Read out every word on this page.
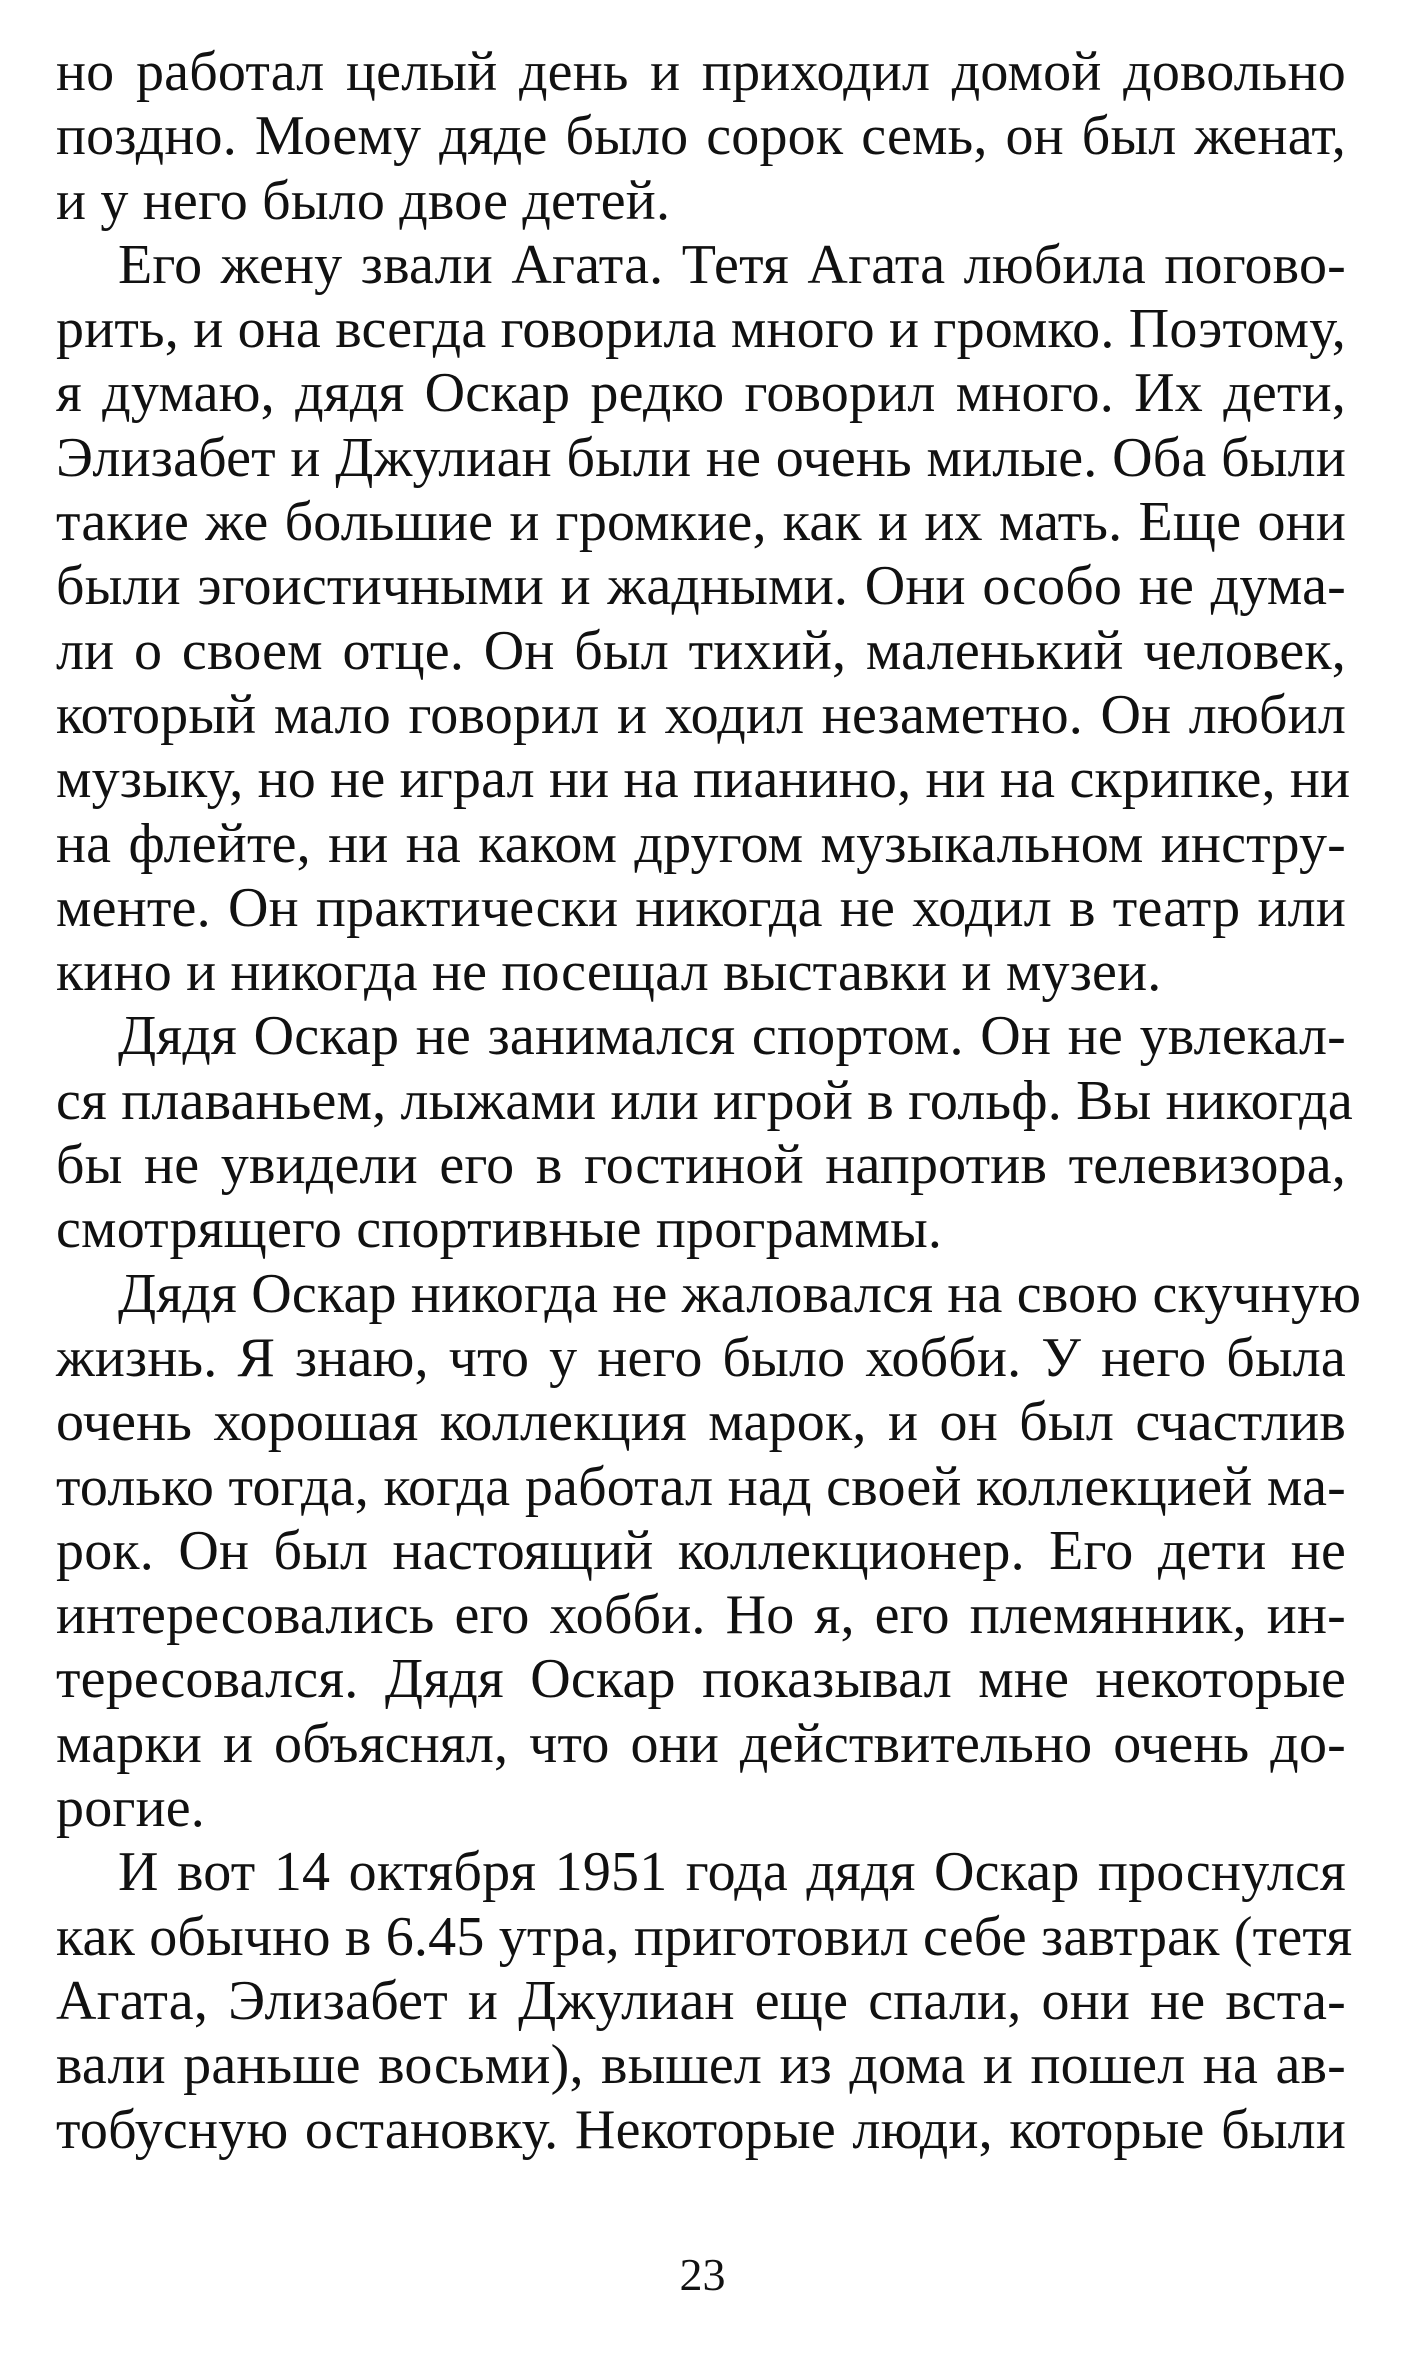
но работал целый день и приходил домой довольно
поздно. Моему дяде было сорок семь, он был женат,
и у него было двое детей.
Его жену звали Агата. Тетя Агата любила погово-
рить, и она всегда говорила много и громко. Поэтому,
я думаю, дядя Оскар редко говорил много. Их дети,
Элизабет и Джулиан были не очень милые. Оба были
такие же большие и громкие, как и их мать. Еще они
были эгоистичными и жадными. Они особо не дума-
ли о своем отце. Он был тихий, маленький человек,
который мало говорил и ходил незаметно. Он любил
музыку, но не играл ни на пианино, ни на скрипке, ни
на флейте, ни на каком другом музыкальном инстру-
менте. Он практически никогда не ходил в театр или
кино и никогда не посещал выставки и музеи.
Дядя Оскар не занимался спортом. Он не увлекал-
ся плаваньем, лыжами или игрой в гольф. Вы никогда
бы не увидели его в гостиной напротив телевизора,
смотрящего спортивные программы.
Дядя Оскар никогда не жаловался на свою скучную
жизнь. Я знаю, что у него было хобби. У него была
очень хорошая коллекция марок, и он был счастлив
только тогда, когда работал над своей коллекцией ма-
рок. Он был настоящий коллекционер. Его дети не
интересовались его хобби. Но я, его племянник, ин-
тересовался. Дядя Оскар показывал мне некоторые
марки и объяснял, что они действительно очень до-
рогие.
И вот 14 октября 1951 года дядя Оскар проснулся
как обычно в 6.45 утра, приготовил себе завтрак (тетя
Агата, Элизабет и Джулиан еще спали, они не вста-
вали раньше восьми), вышел из дома и пошел на ав-
тобусную остановку. Некоторые люди, которые были
23
